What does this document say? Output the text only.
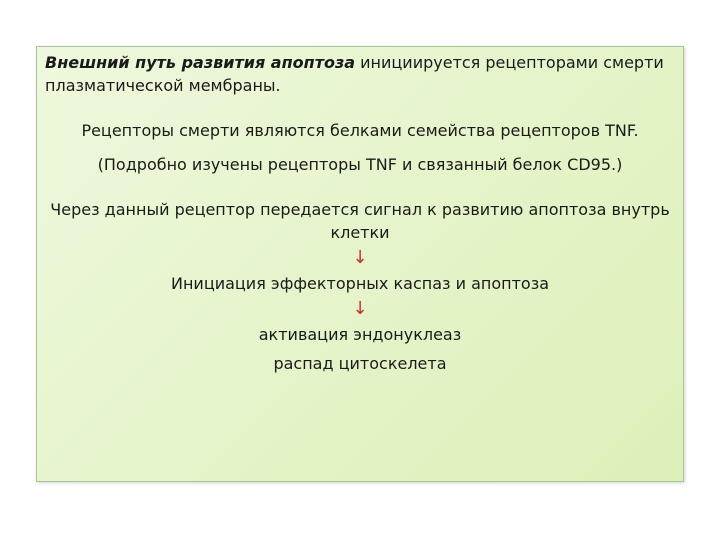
Внешний путь развития апоптоза инициируется рецепторами смерти плазматической мембраны.

Рецепторы смерти являются белками семейства рецепторов TNF.

(Подробно изучены рецепторы TNF и связанный белок CD95.)

Через данный рецептор передается сигнал к развитию апоптоза внутрь

клетки

↓

Инициация эффекторных каспаз и апоптоза

↓

активация эндонуклеаз

распад цитоскелета
